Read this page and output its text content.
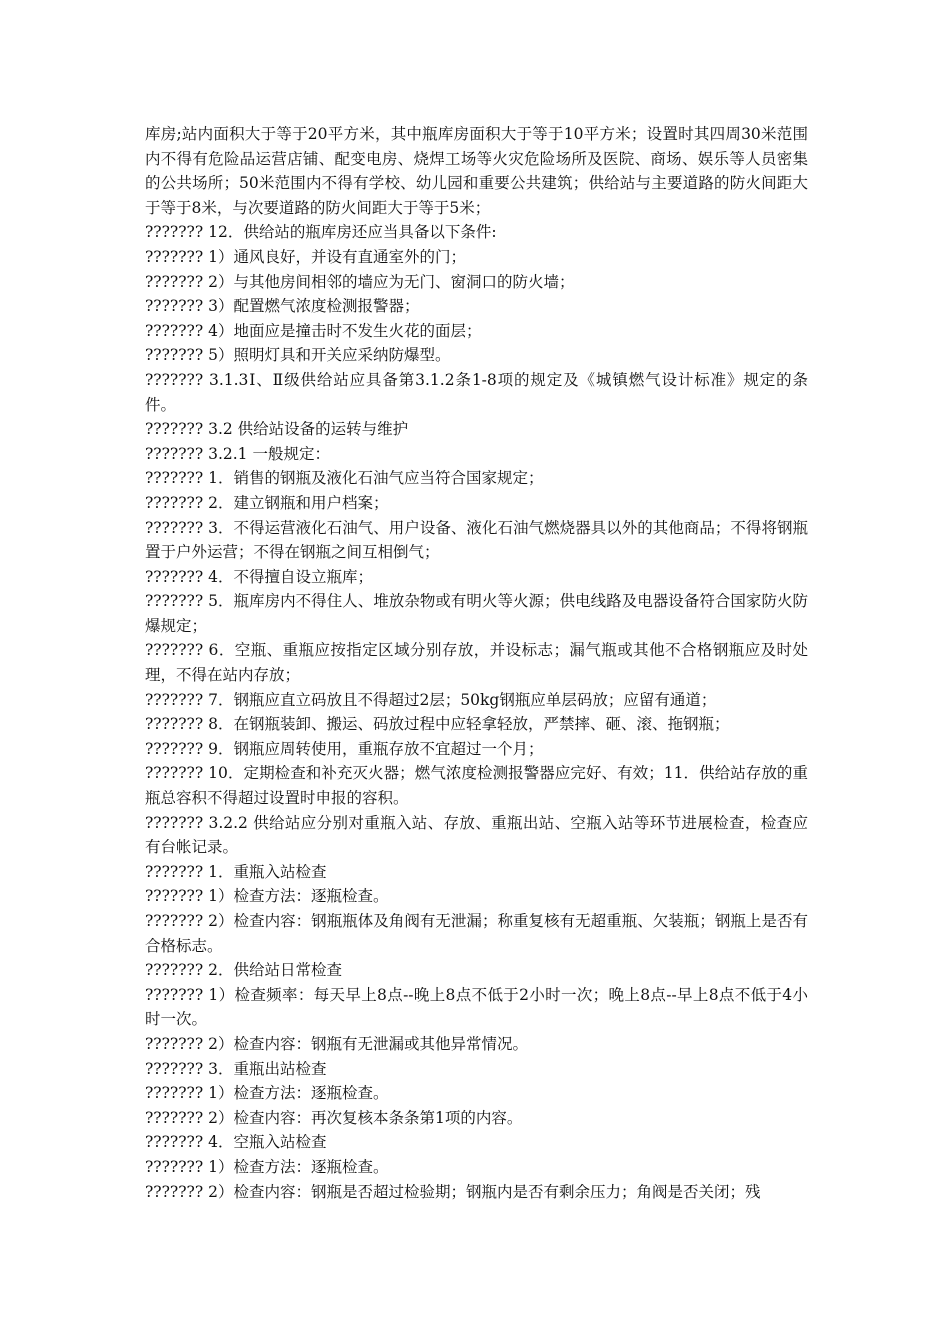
库房;站内面积大于等于20平方米，其中瓶库房面积大于等于10平方米；设置时其四周30米范围内不得有危险品运营店铺、配变电房、烧焊工场等火灾危险场所及医院、商场、娱乐等人员密集的公共场所；50米范围内不得有学校、幼儿园和重要公共建筑；供给站与主要道路的防火间距大于等于8米，与次要道路的防火间距大于等于5米；

??????? 12．供给站的瓶库房还应当具备以下条件:

??????? 1）通风良好，并设有直通室外的门；

??????? 2）与其他房间相邻的墙应为无门、窗洞口的防火墙；

??????? 3）配置燃气浓度检测报警器；

??????? 4）地面应是撞击时不发生火花的面层；

??????? 5）照明灯具和开关应采纳防爆型。

??????? 3.1.3Ⅰ、Ⅱ级供给站应具备第3.1.2条1-8项的规定及《城镇燃气设计标准》规定的条件。

??????? 3.2 供给站设备的运转与维护

??????? 3.2.1 一般规定：

??????? 1．销售的钢瓶及液化石油气应当符合国家规定；

??????? 2．建立钢瓶和用户档案；

??????? 3．不得运营液化石油气、用户设备、液化石油气燃烧器具以外的其他商品；不得将钢瓶置于户外运营；不得在钢瓶之间互相倒气；

??????? 4．不得擅自设立瓶库；

??????? 5．瓶库房内不得住人、堆放杂物或有明火等火源；供电线路及电器设备符合国家防火防爆规定；

??????? 6．空瓶、重瓶应按指定区域分别存放，并设标志；漏气瓶或其他不合格钢瓶应及时处理，不得在站内存放；

??????? 7．钢瓶应直立码放且不得超过2层；50kg钢瓶应单层码放；应留有通道；

??????? 8．在钢瓶装卸、搬运、码放过程中应轻拿轻放，严禁摔、砸、滚、拖钢瓶；

??????? 9．钢瓶应周转使用，重瓶存放不宜超过一个月；

??????? 10．定期检查和补充灭火器；燃气浓度检测报警器应完好、有效；11．供给站存放的重瓶总容积不得超过设置时申报的容积。

??????? 3.2.2 供给站应分别对重瓶入站、存放、重瓶出站、空瓶入站等环节进展检查，检查应有台帐记录。

??????? 1．重瓶入站检查

??????? 1）检查方法：逐瓶检查。

??????? 2）检查内容：钢瓶瓶体及角阀有无泄漏；称重复核有无超重瓶、欠装瓶；钢瓶上是否有合格标志。

??????? 2．供给站日常检查

??????? 1）检查频率：每天早上8点--晚上8点不低于2小时一次；晚上8点--早上8点不低于4小时一次。

??????? 2）检查内容：钢瓶有无泄漏或其他异常情况。

??????? 3．重瓶出站检查

??????? 1）检查方法：逐瓶检查。

??????? 2）检查内容：再次复核本条条第1项的内容。

??????? 4．空瓶入站检查

??????? 1）检查方法：逐瓶检查。

??????? 2）检查内容：钢瓶是否超过检验期；钢瓶内是否有剩余压力；角阀是否关闭；残
